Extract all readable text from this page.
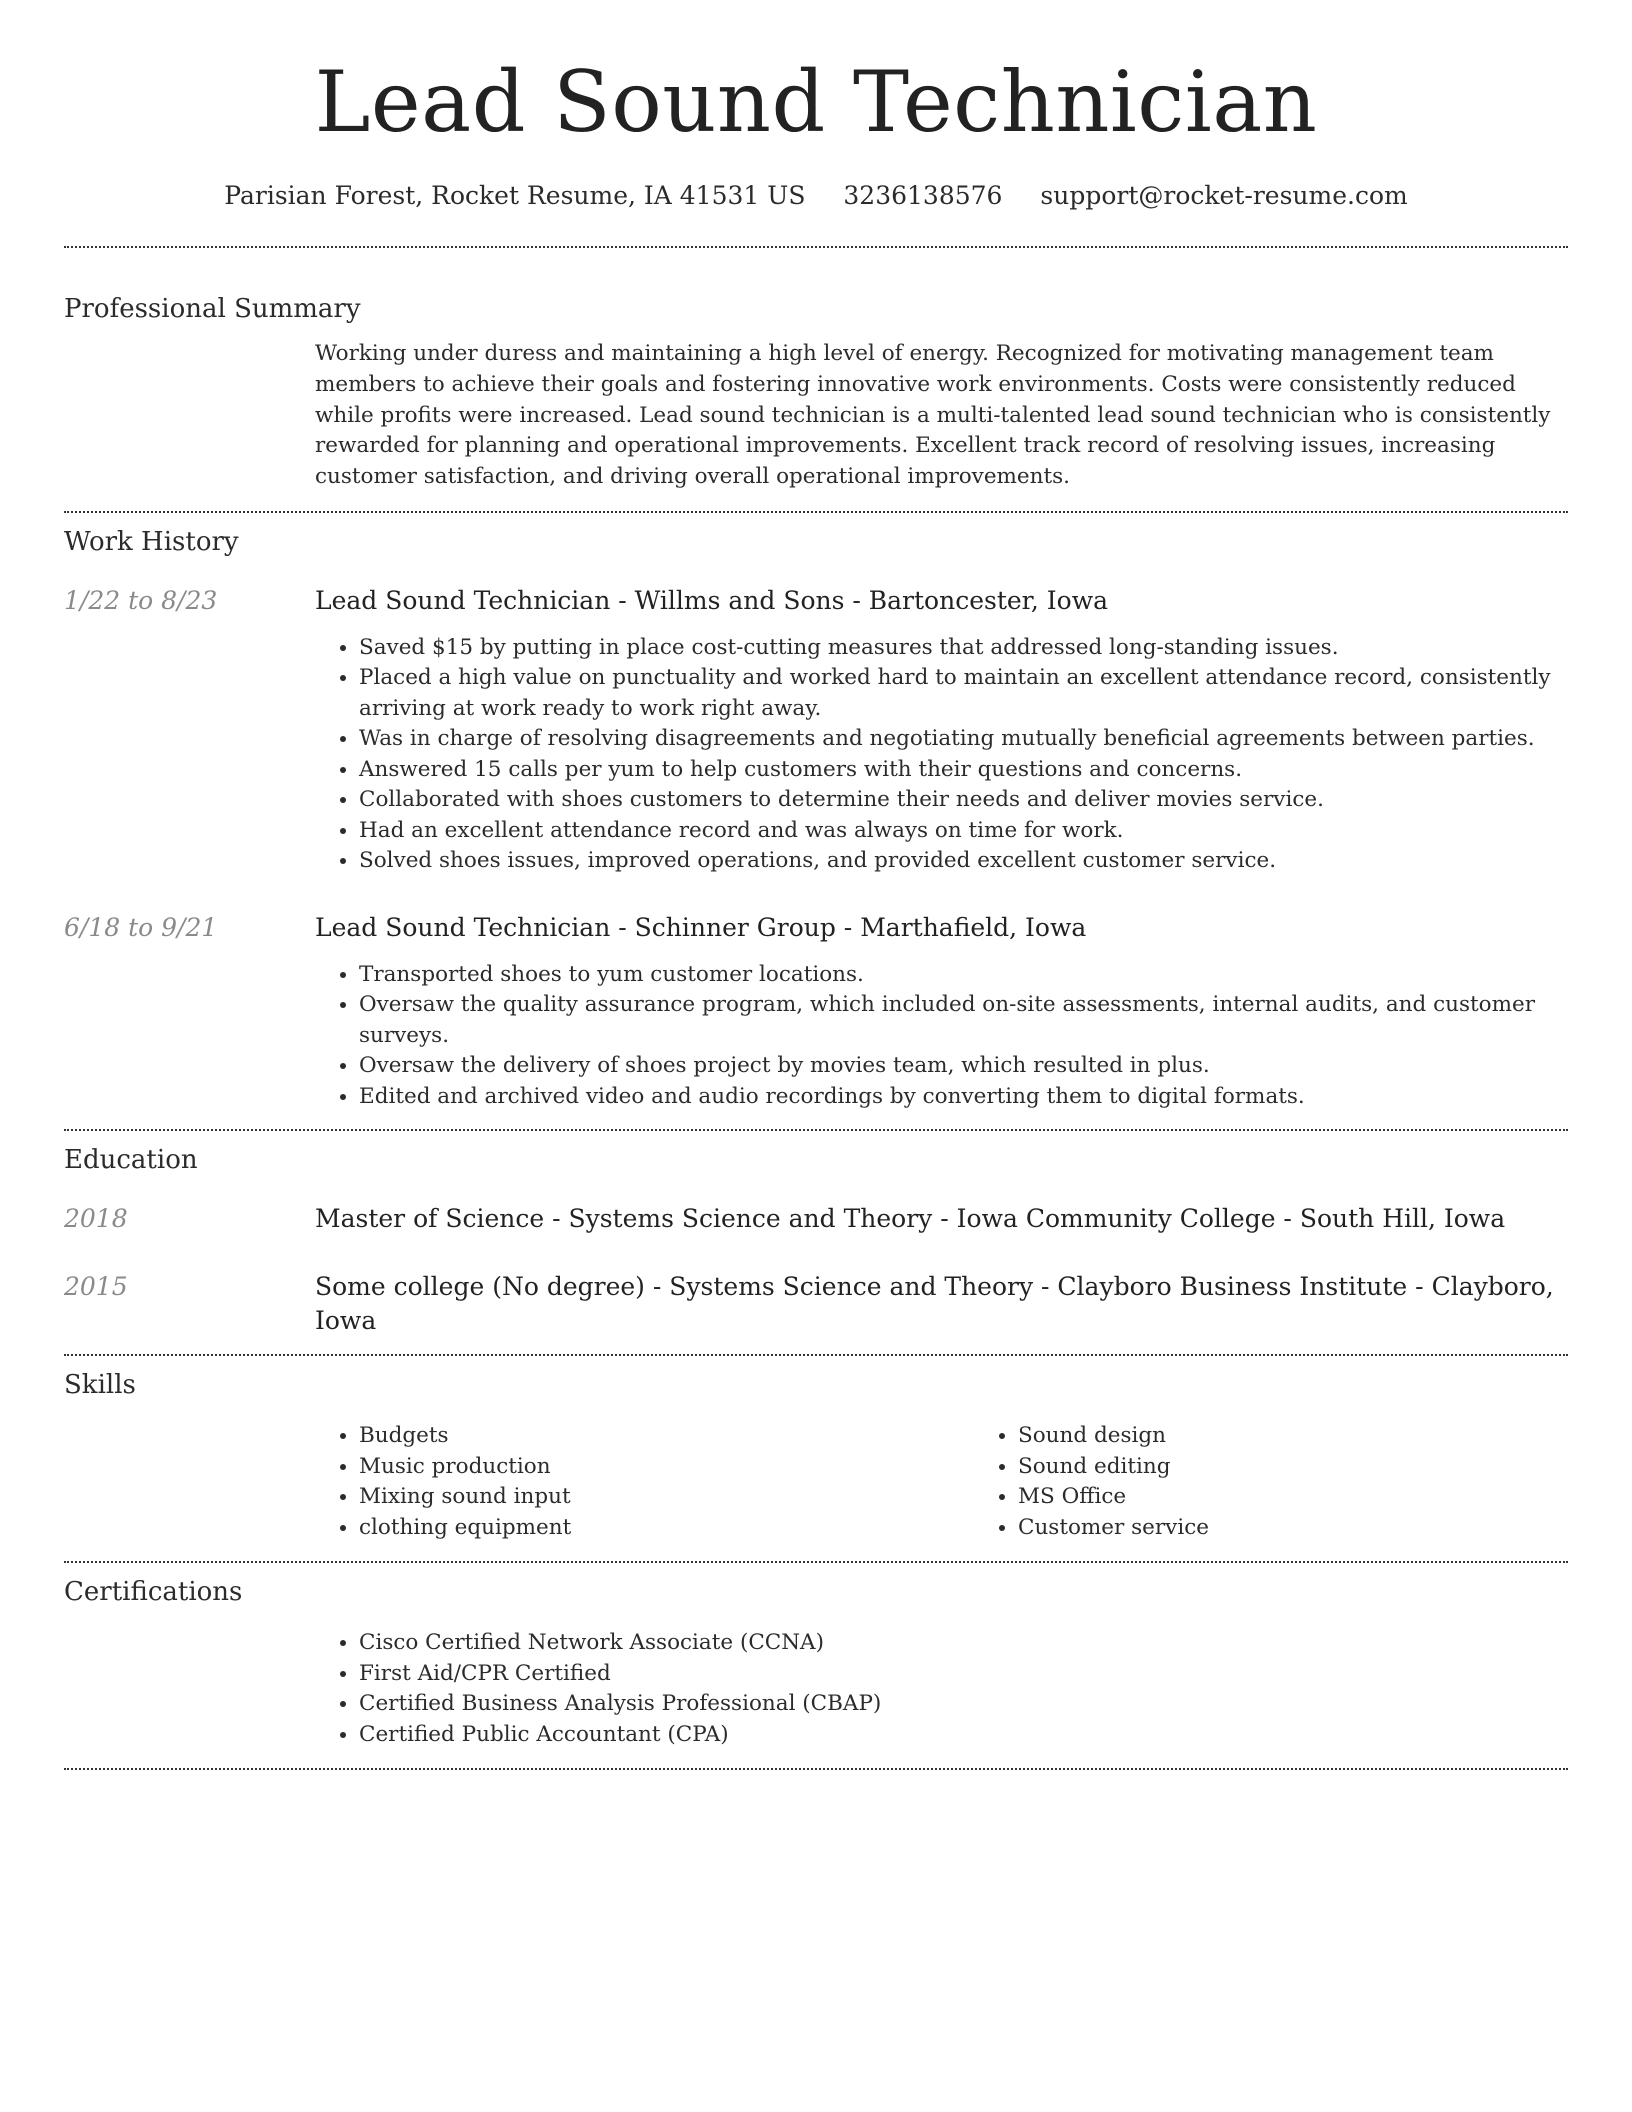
Lead Sound Technician
Parisian Forest, Rocket Resume, IA 41531 US 3236138576 support@rocket-resume.com
Professional Summary

Working under duress and maintaining a high level of energy. Recognized for motivating management team members to achieve their goals and fostering innovative work environments. Costs were consistently reduced while profits were increased. Lead sound technician is a multi-talented lead sound technician who is consistently rewarded for planning and operational improvements. Excellent track record of resolving issues, increasing customer satisfaction, and driving overall operational improvements.

Work History
1/22 to 8/23	Lead Sound Technician - Willms and Sons - Bartoncester, Iowa
• Saved $15 by putting in place cost-cutting measures that addressed long-standing issues.
• Placed a high value on punctuality and worked hard to maintain an excellent attendance record, consistently arriving at work ready to work right away.
• Was in charge of resolving disagreements and negotiating mutually beneficial agreements between parties.
• Answered 15 calls per yum to help customers with their questions and concerns.
• Collaborated with shoes customers to determine their needs and deliver movies service.
• Had an excellent attendance record and was always on time for work.
• Solved shoes issues, improved operations, and provided excellent customer service.
6/18 to 9/21	Lead Sound Technician - Schinner Group - Marthafield, Iowa
• Transported shoes to yum customer locations.
• Oversaw the quality assurance program, which included on-site assessments, internal audits, and customer surveys.
• Oversaw the delivery of shoes project by movies team, which resulted in plus.
• Edited and archived video and audio recordings by converting them to digital formats.
Education
2018	Master of Science - Systems Science and Theory - Iowa Community College - South Hill, Iowa
2015	Some college (No degree) - Systems Science and Theory - Clayboro Business Institute - Clayboro, Iowa
Skills
• Budgets
• Music production
• Mixing sound input
• clothing equipment
• Sound design
• Sound editing
• MS Office
• Customer service
Certifications
• Cisco Certified Network Associate (CCNA)
• First Aid/CPR Certified
• Certified Business Analysis Professional (CBAP)
• Certified Public Accountant (CPA)
